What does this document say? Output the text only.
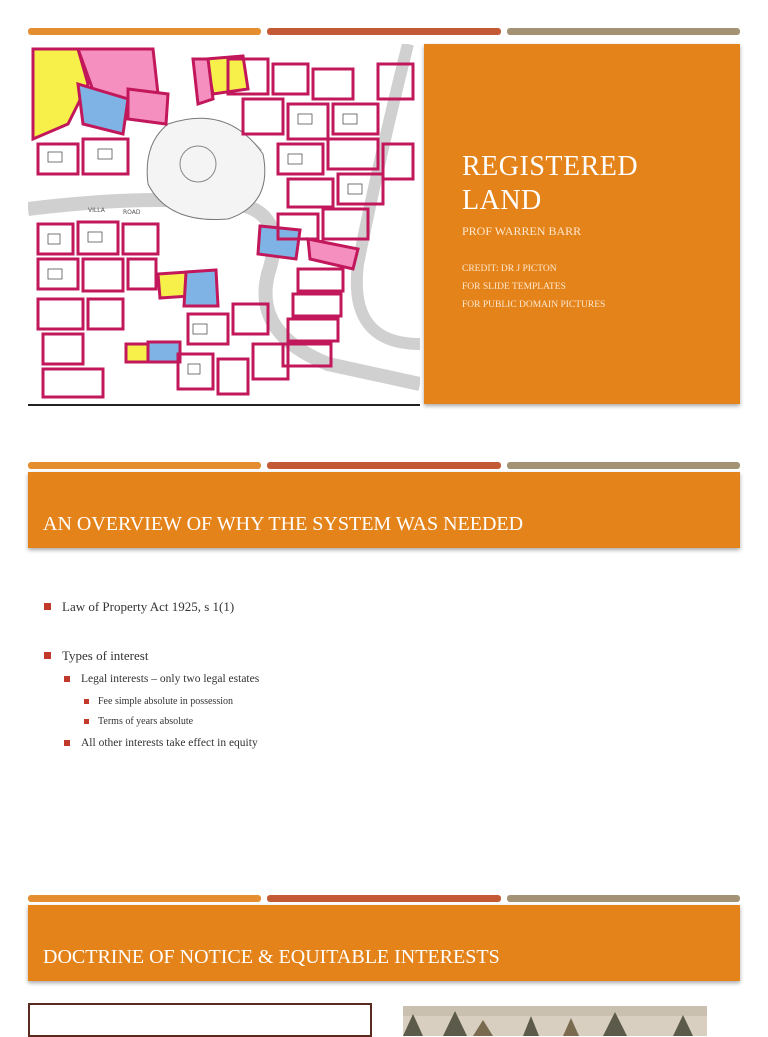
VILLA	ROAD
REGISTERED
LAND
PROF WARREN BARR
CREDIT: DR J PICTON
FOR SLIDE TEMPLATES
FOR PUBLIC DOMAIN PICTURES
AN OVERVIEW OF WHY THE SYSTEM WAS NEEDED
Law of Property Act 1925, s 1(1)
Types of interest
Legal interests – only two legal estates
Fee simple absolute in possession
Terms of years absolute
All other interests take effect in equity
DOCTRINE OF NOTICE & EQUITABLE INTERESTS
